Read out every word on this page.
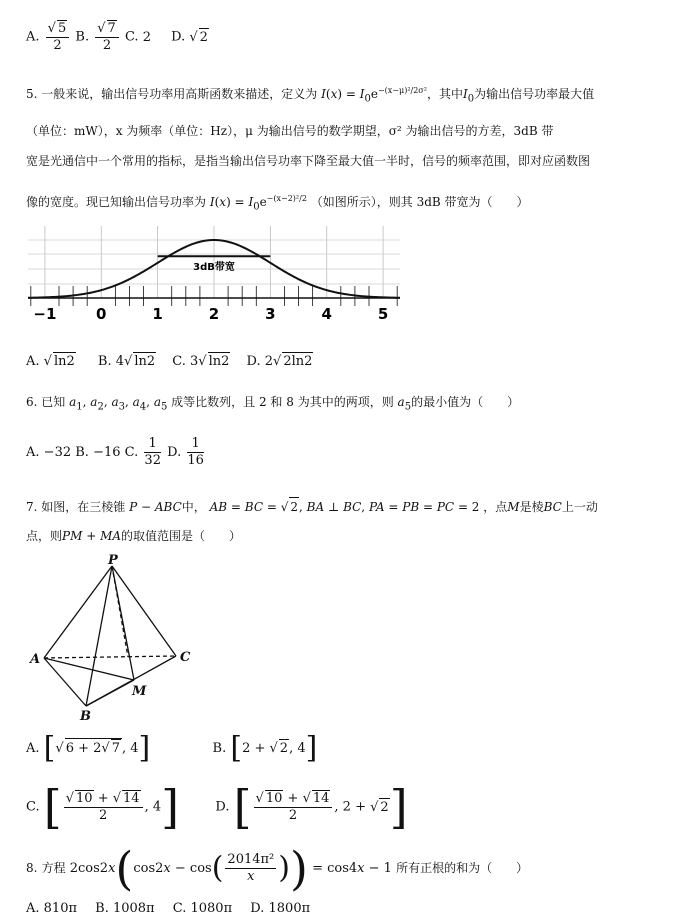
A. √ $\frac{5}{2} B$. √ $\frac{7}{2} C$. 2 D. √ 2
5. 一般来说，输出信号功率用高斯函数来描述，定义为 $I(x) = I_0e^{-(x-\mu)^2/2\sigma^2}$，其中$I_0$为输出信号功率最大值
（单位：mW），x 为频率（单位：Hz），μ 为输出信号的数学期望，σ² 为输出信号的方差，3dB 带
宽是光通信中一个常用的指标，是指当输出信号功率下降至最大值一半时，信号的频率范围，即对应函数图
像的宽度。现已知输出信号功率为 $I(x) = I_0e^{-(x-2)^2/2}$ （如图所示），则其 3dB 带宽为（　　）
3dB带宽
−1	0	1	2	3	4	5
A. √ ln2 B. 4 √ ln2 C. 3 √ ln2 D. 2 √ 2ln2
6. 已知 $a_1$, $a_2$, $a_3$, $a_4$, $a_5$ 成等比数列，且 2 和 8 为其中的两项，则 $a_5$的最小值为（　　）
A. −32 B. −16 C. $\frac{1}{32} D$. $\frac{1}{16}$
7. 如图，在三棱锥 P − ABC中， AB = BC = √ 2, BA ⊥ BC, PA = PB = PC = 2 ，点M是棱BC上一动
点，则PM + MA的取值范围是（　　）
P
A	C
B
M
A. [ √ 6 + 2 √ 7 , 4]	B. [2 + √ 2, 4]
C. [ √ $\frac{10 + √ 14}{2}$ , 4]	D. [ √ $\frac{10 + √ 14}{2}$ , 2 + √ 2]
8. 方程 $2\cos 2x(\cos 2x - \cos( \frac{\text{2014π²}}{x}$ )) = cos4x − 1 所有正根的和为（　　）
A. 810π B. 1008π C. 1080π D. 1800π
